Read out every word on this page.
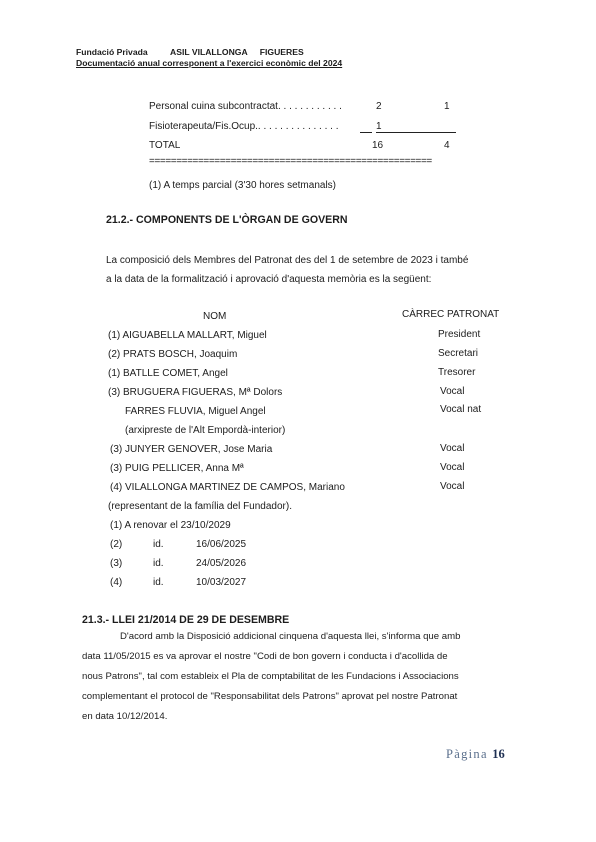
Fundació Privada	ASIL VILALLONGA FIGUERES
Documentació anual corresponent a l'exercici econòmic del 2024
Personal cuina subcontractat. . . . . . . . . . . .	2	1
Fisioterapeuta/Fis.Ocup.. . . . . . . . . . . . . . .	1
TOTAL	16	4
====================================================
(1) A temps parcial (3'30 hores setmanals)
21.2.- COMPONENTS DE L'ÒRGAN DE GOVERN
La composició dels Membres del Patronat des del 1 de setembre de 2023 i també
a la data de la formalització i aprovació d'aquesta memòria es la següent:
NOM	CÀRREC PATRONAT
(1) AIGUABELLA MALLART, Miguel	President
(2) PRATS BOSCH, Joaquim	Secretari
(1) BATLLE COMET, Angel	Tresorer
(3) BRUGUERA FIGUERAS, Mª Dolors	Vocal
FARRES FLUVIA, Miguel Angel	Vocal nat
(arxipreste de l'Alt Empordà-interior)
(3) JUNYER GENOVER, Jose Maria	Vocal
(3) PUIG PELLICER, Anna Mª	Vocal
(4) VILALLONGA MARTINEZ DE CAMPOS, Mariano	Vocal
(representant de la família del Fundador).
(1) A renovar el 23/10/2029
(2)	id.	16/06/2025
(3)	id.	24/05/2026
(4)	id.	10/03/2027
21.3.- LLEI 21/2014 DE 29 DE DESEMBRE
D'acord amb la Disposició addicional cinquena d'aquesta llei, s'informa que amb
data 11/05/2015 es va aprovar el nostre "Codi de bon govern i conducta i d'acollida de
nous Patrons", tal com estableix el Pla de comptabilitat de les Fundacions i Associacions
complementant el protocol de "Responsabilitat dels Patrons" aprovat pel nostre Patronat
en data 10/12/2014.
Pàgina 16
